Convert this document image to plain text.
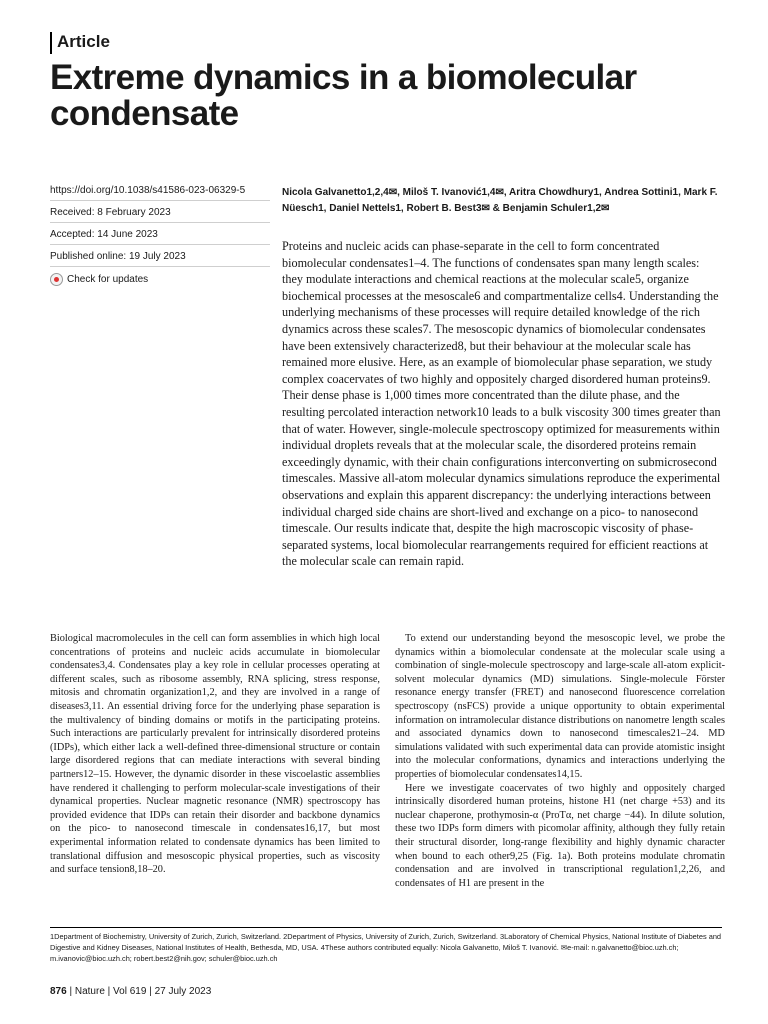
Article
Extreme dynamics in a biomolecular condensate
https://doi.org/10.1038/s41586-023-06329-5
Received: 8 February 2023
Accepted: 14 June 2023
Published online: 19 July 2023
Check for updates
Nicola Galvanetto1,2,4✉, Miloš T. Ivanović1,4✉, Aritra Chowdhury1, Andrea Sottini1, Mark F. Nüesch1, Daniel Nettels1, Robert B. Best3✉ & Benjamin Schuler1,2✉
Proteins and nucleic acids can phase-separate in the cell to form concentrated biomolecular condensates1–4. The functions of condensates span many length scales: they modulate interactions and chemical reactions at the molecular scale5, organize biochemical processes at the mesoscale6 and compartmentalize cells4. Understanding the underlying mechanisms of these processes will require detailed knowledge of the rich dynamics across these scales7. The mesoscopic dynamics of biomolecular condensates have been extensively characterized8, but their behaviour at the molecular scale has remained more elusive. Here, as an example of biomolecular phase separation, we study complex coacervates of two highly and oppositely charged disordered human proteins9. Their dense phase is 1,000 times more concentrated than the dilute phase, and the resulting percolated interaction network10 leads to a bulk viscosity 300 times greater than that of water. However, single-molecule spectroscopy optimized for measurements within individual droplets reveals that at the molecular scale, the disordered proteins remain exceedingly dynamic, with their chain configurations interconverting on submicrosecond timescales. Massive all-atom molecular dynamics simulations reproduce the experimental observations and explain this apparent discrepancy: the underlying interactions between individual charged side chains are short-lived and exchange on a pico- to nanosecond timescale. Our results indicate that, despite the high macroscopic viscosity of phase-separated systems, local biomolecular rearrangements required for efficient reactions at the molecular scale can remain rapid.
Biological macromolecules in the cell can form assemblies in which high local concentrations of proteins and nucleic acids accumulate in biomolecular condensates3,4. Condensates play a key role in cellular processes operating at different scales, such as ribosome assembly, RNA splicing, stress response, mitosis and chromatin organization1,2, and they are involved in a range of diseases3,11. An essential driving force for the underlying phase separation is the multivalency of binding domains or motifs in the participating proteins. Such interactions are particularly prevalent for intrinsically disordered proteins (IDPs), which either lack a well-defined three-dimensional structure or contain large disordered regions that can mediate interactions with several binding partners12–15. However, the dynamic disorder in these viscoelastic assemblies have rendered it challenging to perform molecular-scale investigations of their dynamical properties. Nuclear magnetic resonance (NMR) spectroscopy has provided evidence that IDPs can retain their disorder and backbone dynamics on the pico- to nanosecond timescale in condensates16,17, but most experimental information related to condensate dynamics has been limited to translational diffusion and mesoscopic physical properties, such as viscosity and surface tension8,18–20.

To extend our understanding beyond the mesoscopic level, we probe the dynamics within a biomolecular condensate at the molecular scale using a combination of single-molecule spectroscopy and large-scale all-atom explicit-solvent molecular dynamics (MD) simulations. Single-molecule Förster resonance energy transfer (FRET) and nanosecond fluorescence correlation spectroscopy (nsFCS) provide a unique opportunity to obtain experimental information on intramolecular distance distributions on nanometre length scales and associated dynamics down to nanosecond timescales21–24. MD simulations validated with such experimental data can provide atomistic insight into the molecular conformations, dynamics and interactions underlying the properties of biomolecular condensates14,15.

Here we investigate coacervates of two highly and oppositely charged intrinsically disordered human proteins, histone H1 (net charge +53) and its nuclear chaperone, prothymosin-α (ProTα, net charge −44). In dilute solution, these two IDPs form dimers with picomolar affinity, although they fully retain their structural disorder, long-range flexibility and highly dynamic character when bound to each other9,25 (Fig. 1a). Both proteins modulate chromatin condensation and are involved in transcriptional regulation1,2,26, and condensates of H1 are present in the

1Department of Biochemistry, University of Zurich, Zurich, Switzerland. 2Department of Physics, University of Zurich, Zurich, Switzerland. 3Laboratory of Chemical Physics, National Institute of Diabetes and Digestive and Kidney Diseases, National Institutes of Health, Bethesda, MD, USA. 4These authors contributed equally: Nicola Galvanetto, Miloš T. Ivanović. ✉e-mail: n.galvanetto@bioc.uzh.ch; m.ivanovic@bioc.uzh.ch; robert.best2@nih.gov; schuler@bioc.uzh.ch
876 | Nature | Vol 619 | 27 July 2023
